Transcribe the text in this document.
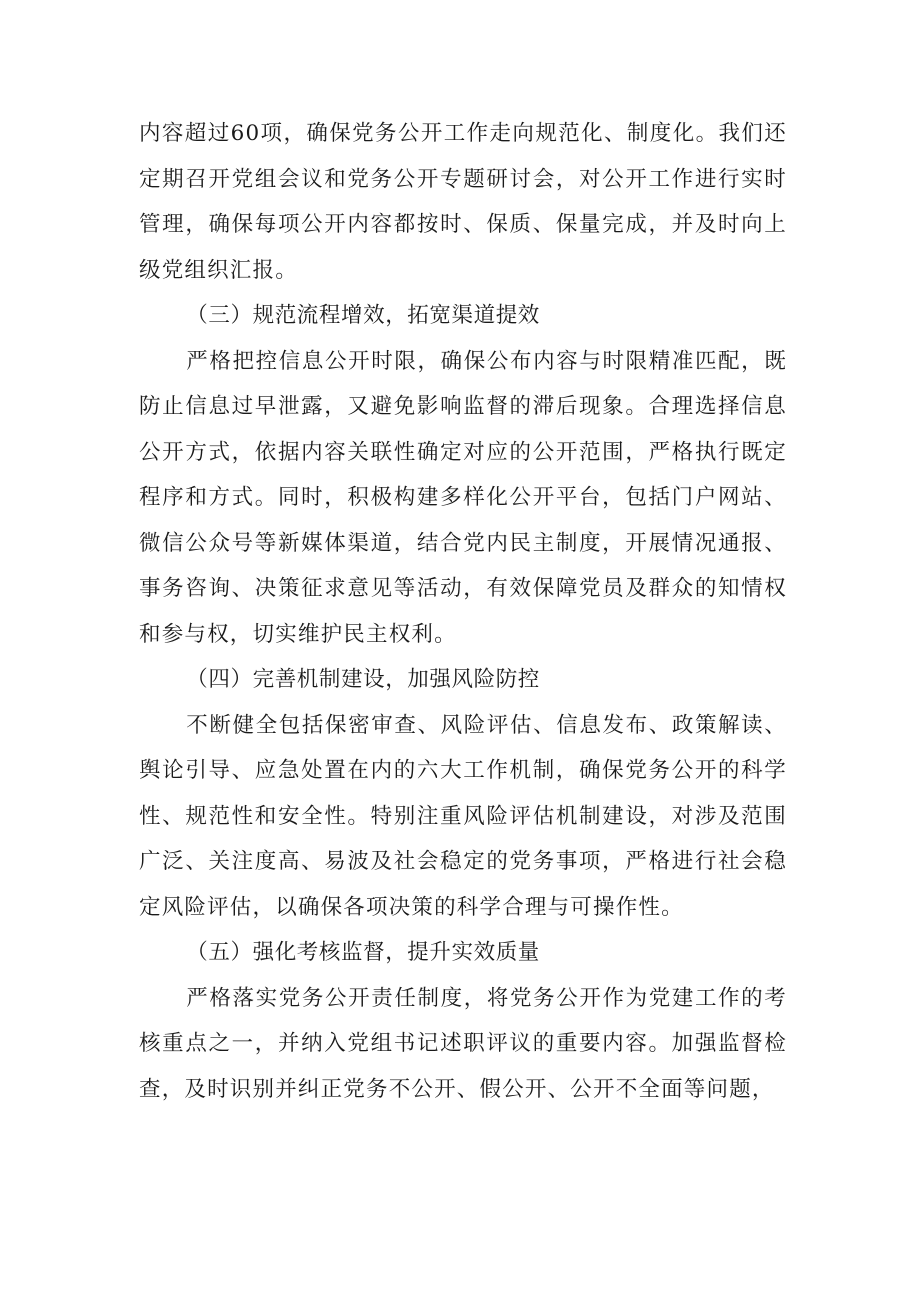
内容超过60项，确保党务公开工作走向规范化、制度化。我们还定期召开党组会议和党务公开专题研讨会，对公开工作进行实时管理，确保每项公开内容都按时、保质、保量完成，并及时向上级党组织汇报。

（三）规范流程增效，拓宽渠道提效

严格把控信息公开时限，确保公布内容与时限精准匹配，既防止信息过早泄露，又避免影响监督的滞后现象。合理选择信息公开方式，依据内容关联性确定对应的公开范围，严格执行既定程序和方式。同时，积极构建多样化公开平台，包括门户网站、微信公众号等新媒体渠道，结合党内民主制度，开展情况通报、事务咨询、决策征求意见等活动，有效保障党员及群众的知情权和参与权，切实维护民主权利。

（四）完善机制建设，加强风险防控

不断健全包括保密审查、风险评估、信息发布、政策解读、舆论引导、应急处置在内的六大工作机制，确保党务公开的科学性、规范性和安全性。特别注重风险评估机制建设，对涉及范围广泛、关注度高、易波及社会稳定的党务事项，严格进行社会稳定风险评估，以确保各项决策的科学合理与可操作性。

（五）强化考核监督，提升实效质量

严格落实党务公开责任制度，将党务公开作为党建工作的考核重点之一，并纳入党组书记述职评议的重要内容。加强监督检查，及时识别并纠正党务不公开、假公开、公开不全面等问题，
